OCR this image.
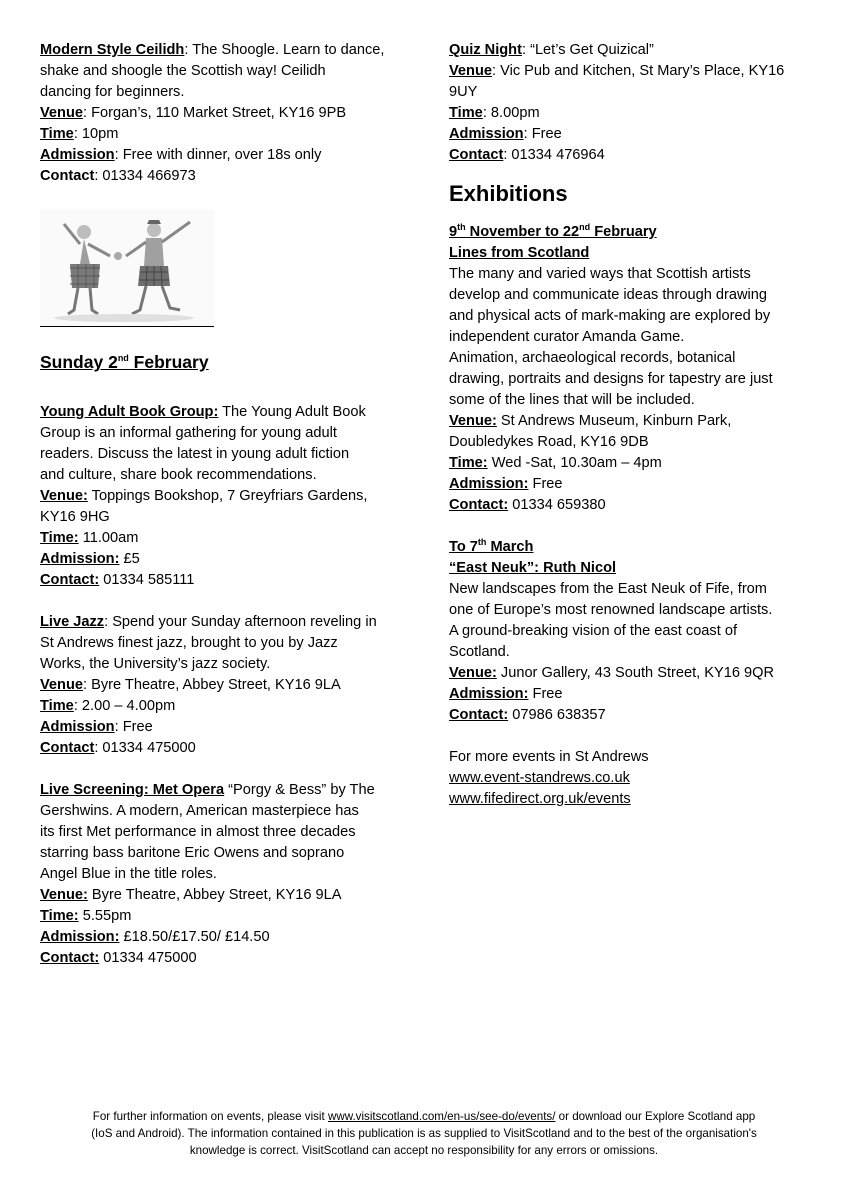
Modern Style Ceilidh: The Shoogle. Learn to dance,
shake and shoogle the Scottish way! Ceilidh
dancing for beginners.
Venue: Forgan’s, 110 Market Street, KY16 9PB
Time: 10pm
Admission: Free with dinner, over 18s only
Contact: 01334 466973
Sunday 2nd February
Young Adult Book Group: The Young Adult Book
Group is an informal gathering for young adult
readers. Discuss the latest in young adult fiction
and culture, share book recommendations.
Venue: Toppings Bookshop, 7 Greyfriars Gardens,
KY16 9HG
Time: 11.00am
Admission: £5
Contact: 01334 585111
Live Jazz: Spend your Sunday afternoon reveling in
St Andrews finest jazz, brought to you by Jazz
Works, the University’s jazz society.
Venue: Byre Theatre, Abbey Street, KY16 9LA
Time: 2.00 – 4.00pm
Admission: Free
Contact: 01334 475000
Live Screening: Met Opera “Porgy & Bess” by The
Gershwins. A modern, American masterpiece has
its first Met performance in almost three decades
starring bass baritone Eric Owens and soprano
Angel Blue in the title roles.
Venue: Byre Theatre, Abbey Street, KY16 9LA
Time: 5.55pm
Admission: £18.50/£17.50/ £14.50
Contact: 01334 475000
Quiz Night: “Let’s Get Quizical”
Venue: Vic Pub and Kitchen, St Mary’s Place, KY16
9UY
Time: 8.00pm
Admission: Free
Contact: 01334 476964
Exhibitions
9th November to 22nd February
Lines from Scotland
The many and varied ways that Scottish artists
develop and communicate ideas through drawing
and physical acts of mark-making are explored by
independent curator Amanda Game.
Animation, archaeological records, botanical
drawing, portraits and designs for tapestry are just
some of the lines that will be included.
Venue: St Andrews Museum, Kinburn Park,
Doubledykes Road, KY16 9DB
Time: Wed -Sat, 10.30am – 4pm
Admission: Free
Contact: 01334 659380
To 7th March
“East Neuk”: Ruth Nicol
New landscapes from the East Neuk of Fife, from
one of Europe’s most renowned landscape artists.
A ground-breaking vision of the east coast of
Scotland.
Venue: Junor Gallery, 43 South Street, KY16 9QR
Admission: Free
Contact: 07986 638357
For more events in St Andrews
www.event-standrews.co.uk
www.fifedirect.org.uk/events
For further information on events, please visit www.visitscotland.com/en-us/see-do/events/ or download our Explore Scotland app
(IoS and Android). The information contained in this publication is as supplied to VisitScotland and to the best of the organisation's
knowledge is correct. VisitScotland can accept no responsibility for any errors or omissions.
